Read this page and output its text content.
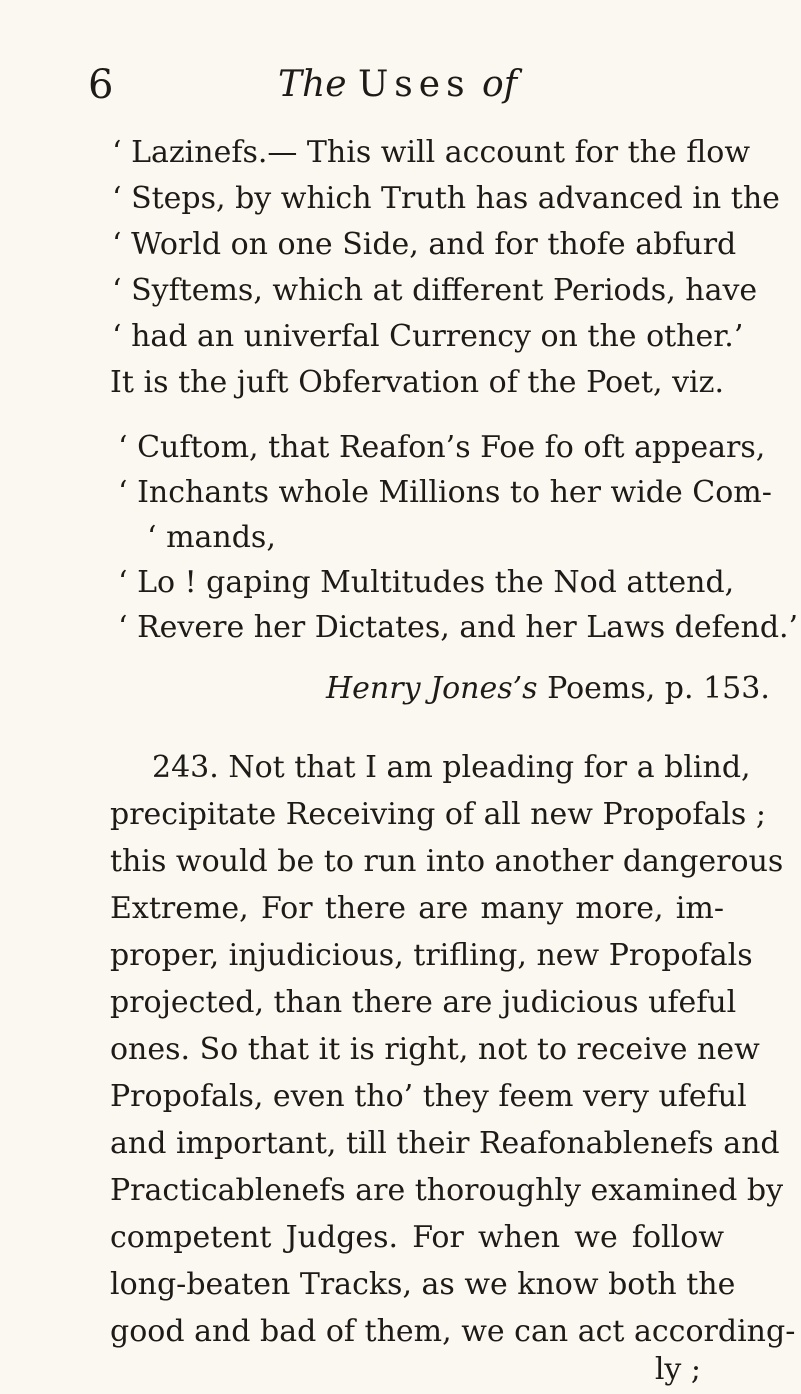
6	The Uses of
‘ Lazinefs.— This will account for the flow
‘ Steps, by which Truth has advanced in the
‘ World on one Side, and for thofe abfurd
‘ Syftems, which at different Periods, have
‘ had an univerfal Currency on the other.’
It is the juft Obfervation of the Poet, viz.
‘ Cuftom, that Reafon’s Foe fo oft appears,
‘ Inchants whole Millions to her wide Com-
‘ mands,
‘ Lo ! gaping Multitudes the Nod attend,
‘ Revere her Dictates, and her Laws defend.’
Henry Jones’s Poems, p. 153.
243. Not that I am pleading for a blind,
precipitate Receiving of all new Propofals ;
this would be to run into another dangerous
Extreme, For there are many more, im-
proper, injudicious, trifling, new Propofals
projected, than there are judicious ufeful
ones. So that it is right, not to receive new
Propofals, even tho’ they feem very ufeful
and important, till their Reafonablenefs and
Practicablenefs are thoroughly examined by
competent Judges. For when we follow
long-beaten Tracks, as we know both the
good and bad of them, we can act according-
ly ;
